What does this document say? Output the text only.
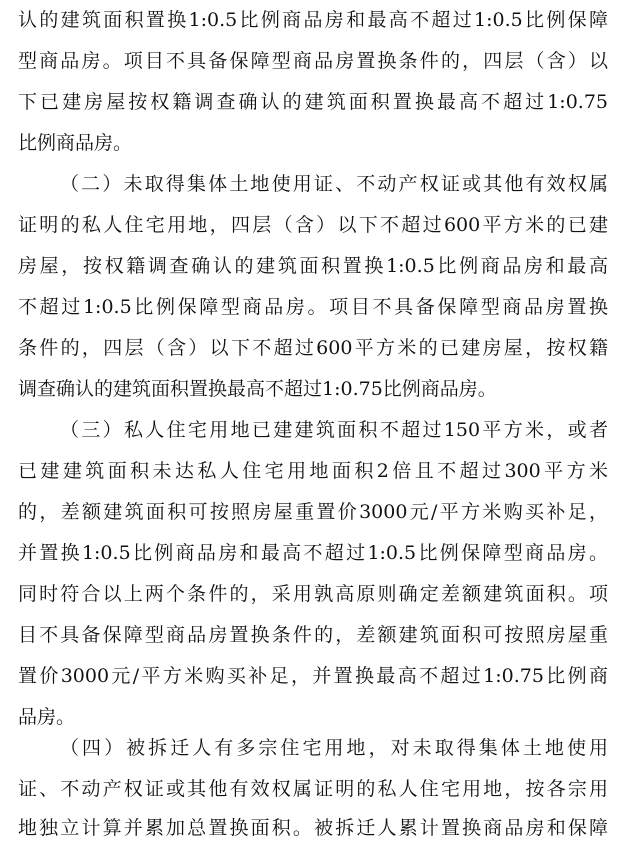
认的建筑面积置换1:0.5比例商品房和最高不超过1:0.5比例保障
型商品房。项目不具备保障型商品房置换条件的，四层（含）以
下已建房屋按权籍调查确认的建筑面积置换最高不超过1:0.75
比例商品房。
（二）未取得集体土地使用证、不动产权证或其他有效权属
证明的私人住宅用地，四层（含）以下不超过600平方米的已建
房屋，按权籍调查确认的建筑面积置换1:0.5比例商品房和最高
不超过1:0.5比例保障型商品房。项目不具备保障型商品房置换
条件的，四层（含）以下不超过600平方米的已建房屋，按权籍
调查确认的建筑面积置换最高不超过1:0.75比例商品房。
（三）私人住宅用地已建建筑面积不超过150平方米，或者
已建建筑面积未达私人住宅用地面积2倍且不超过300平方米
的，差额建筑面积可按照房屋重置价3000元/平方米购买补足，
并置换1:0.5比例商品房和最高不超过1:0.5比例保障型商品房。
同时符合以上两个条件的，采用孰高原则确定差额建筑面积。项
目不具备保障型商品房置换条件的，差额建筑面积可按照房屋重
置价3000元/平方米购买补足，并置换最高不超过1:0.75比例商
品房。
（四）被拆迁人有多宗住宅用地，对未取得集体土地使用
证、不动产权证或其他有效权属证明的私人住宅用地，按各宗用
地独立计算并累加总置换面积。被拆迁人累计置换商品房和保障
